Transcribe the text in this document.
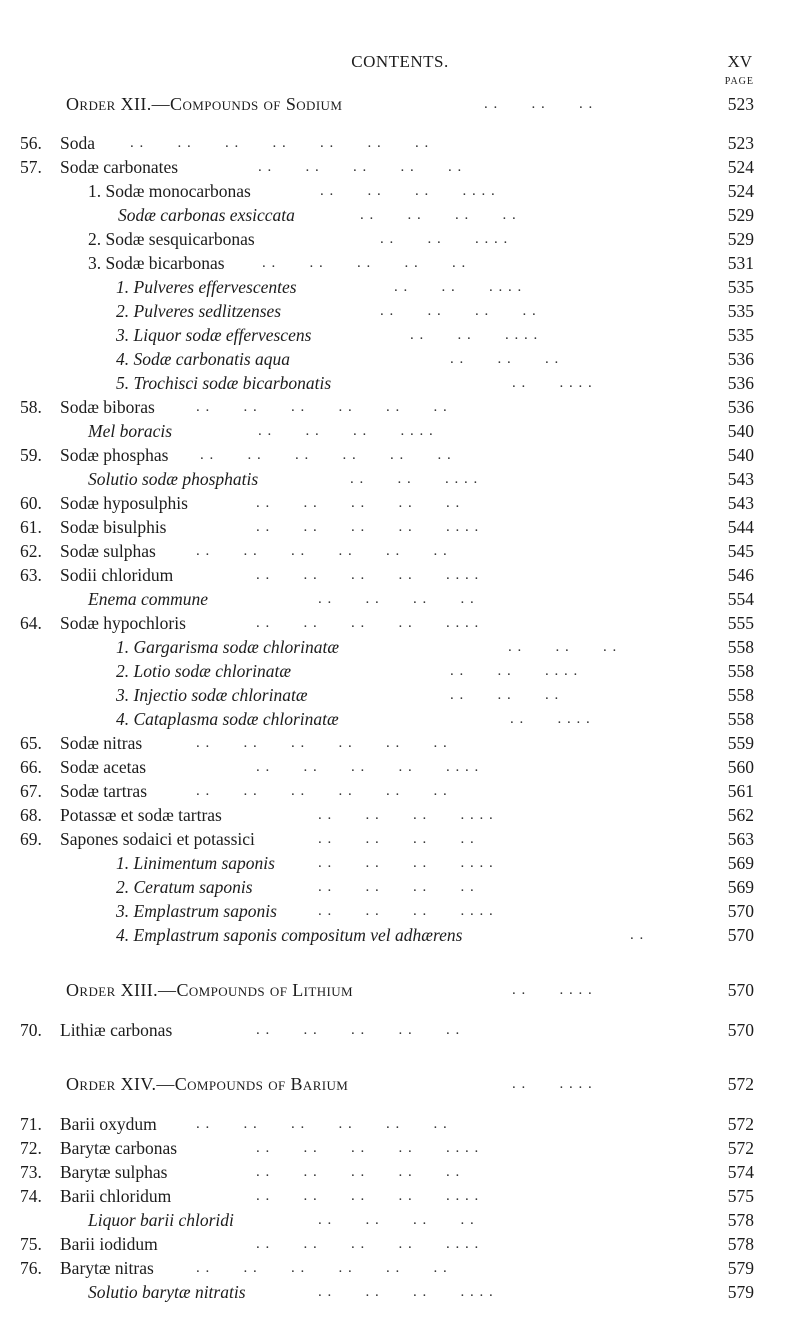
CONTENTS.	XV
PAGE
Order XII.—Compounds of Sodium	. .       . .       . .	523
56.	Soda . .       . .       . .       . .       . .       . .       . .	523
57.	Sodæ carbonates	. .       . .       . .       . .       . .	524
1. Sodæ monocarbonas	. .       . .       . .       . . . .	524
Sodæ carbonas exsiccata	. .       . .       . .       . .	529
2. Sodæ sesquicarbonas	. .       . .       . . . .	529
3. Sodæ bicarbonas . .       . .       . .       . .       . .	531
1. Pulveres effervescentes	. .       . .       . . . .	535
2. Pulveres sedlitzenses	. .       . .       . .       . .	535
3. Liquor sodæ effervescens	. .       . .       . . . .	535
4. Sodæ carbonatis aqua	. .       . .       . .	536
5. Trochisci sodæ bicarbonatis	. .       . . . .	536
58.	Sodæ biboras	. .       . .       . .       . .       . .       . .	536
Mel boracis	. .       . .       . .       . . . .	540
59.	Sodæ phosphas . .       . .       . .       . .       . .       . .	540
Solutio sodæ phosphatis	. .       . .       . . . .	543
60.	Sodæ hyposulphis	. .       . .       . .       . .       . .	543
61.	Sodæ bisulphis	. .       . .       . .       . .       . . . .	544
62.	Sodæ sulphas	. .       . .       . .       . .       . .       . .	545
63.	Sodii chloridum	. .       . .       . .       . .       . . . .	546
Enema commune	. .       . .       . .       . .	554
64.	Sodæ hypochloris	. .       . .       . .       . .       . . . .	555
1. Gargarisma sodæ chlorinatæ	. .       . .       . .	558
2. Lotio sodæ chlorinatæ	. .       . .       . . . .	558
3. Injectio sodæ chlorinatæ	. .       . .       . .	558
4. Cataplasma sodæ chlorinatæ	. .       . . . .	558
65.	Sodæ nitras	. .       . .       . .       . .       . .       . .	559
66.	Sodæ acetas	. .       . .       . .       . .       . . . .	560
67.	Sodæ tartras	. .       . .       . .       . .       . .       . .	561
68.	Potassæ et sodæ tartras	. .       . .       . .       . . . .	562
69.	Sapones sodaici et potassici	. .       . .       . .       . .	563
1. Linimentum saponis	. .       . .       . .       . . . .	569
2. Ceratum saponis	. .       . .       . .       . .	569
3. Emplastrum saponis	. .       . .       . .       . . . .	570
4. Emplastrum saponis compositum vel adhærens	. .	570
Order XIII.—Compounds of Lithium	. .       . . . .	570
70.	Lithiæ carbonas	. .       . .       . .       . .       . .	570
Order XIV.—Compounds of Barium	. .       . . . .	572
71.	Barii oxydum	. .       . .       . .       . .       . .       . .	572
72.	Barytæ carbonas	. .       . .       . .       . .       . . . .	572
73.	Barytæ sulphas	. .       . .       . .       . .       . .	574
74.	Barii chloridum	. .       . .       . .       . .       . . . .	575
Liquor barii chloridi	. .       . .       . .       . .	578
75.	Barii iodidum	. .       . .       . .       . .       . . . .	578
76.	Barytæ nitras	. .       . .       . .       . .       . .       . .	579
Solutio barytæ nitratis	. .       . .       . .       . . . .	579
